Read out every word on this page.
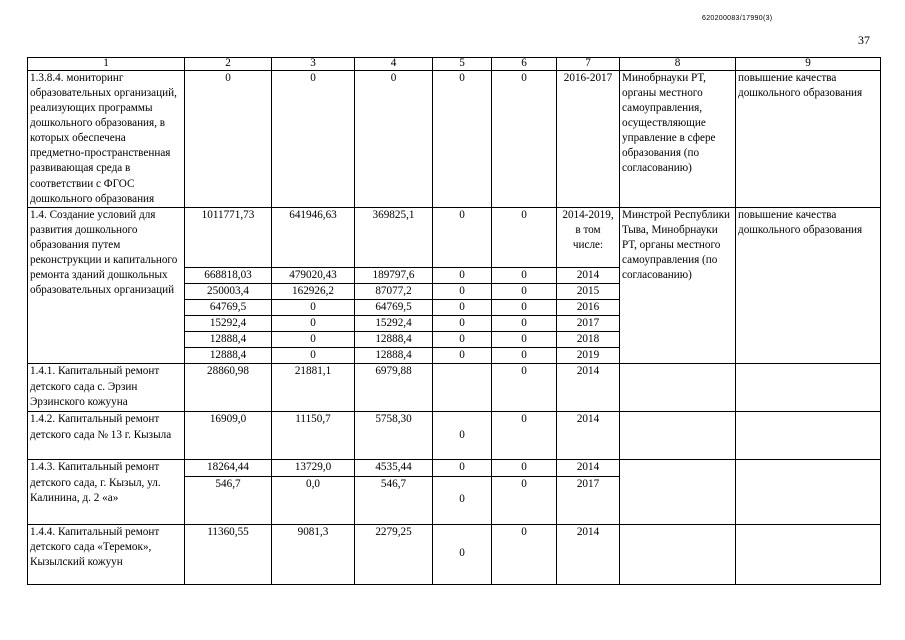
620200083/17990(3)
37
1	2	3	4	5	6	7	8	9
1.3.8.4. мониторинг образовательных организаций, реализующих программы дошкольного образования, в которых обеспечена предметно-пространственная развивающая среда в соответствии с ФГОС дошкольного образования	0	0	0	0	0	2016-2017	Минобрнауки РТ, органы местного самоуправления, осуществляющие управление в сфере образования (по согласованию)	повышение качества дошкольного образования
1.4. Создание условий для развития дошкольного образования путем реконструкции и капитального ремонта зданий дошкольных образовательных организаций	1011771,73	641946,63	369825,1	0	0	2014-2019, в том числе:	Минстрой Республики Тыва, Минобрнауки РТ, органы местного самоуправления (по согласованию)	повышение качества дошкольного образования
	668818,03	479020,43	189797,6	0	0	2014		
	250003,4	162926,2	87077,2	0	0	2015		
	64769,5	0	64769,5	0	0	2016		
	15292,4	0	15292,4	0	0	2017		
	12888,4	0	12888,4	0	0	2018		
	12888,4	0	12888,4	0	0	2019		
1.4.1. Капитальный ремонт детского сада с. Эрзин Эрзинского кожууна	28860,98	21881,1	6979,88		0	2014		
1.4.2. Капитальный ремонт детского сада № 13 г. Кызыла	16909,0	11150,7	5758,30	0	0	2014		
1.4.3. Капитальный ремонт детского сада, г. Кызыл, ул. Калинина, д. 2 «а»	18264,44	13729,0	4535,44	0	0	2014		
	546,7	0,0	546,7	0	0	2017		
1.4.4. Капитальный ремонт детского сада «Теремок», Кызылский кожуун	11360,55	9081,3	2279,25	0	0	2014		
